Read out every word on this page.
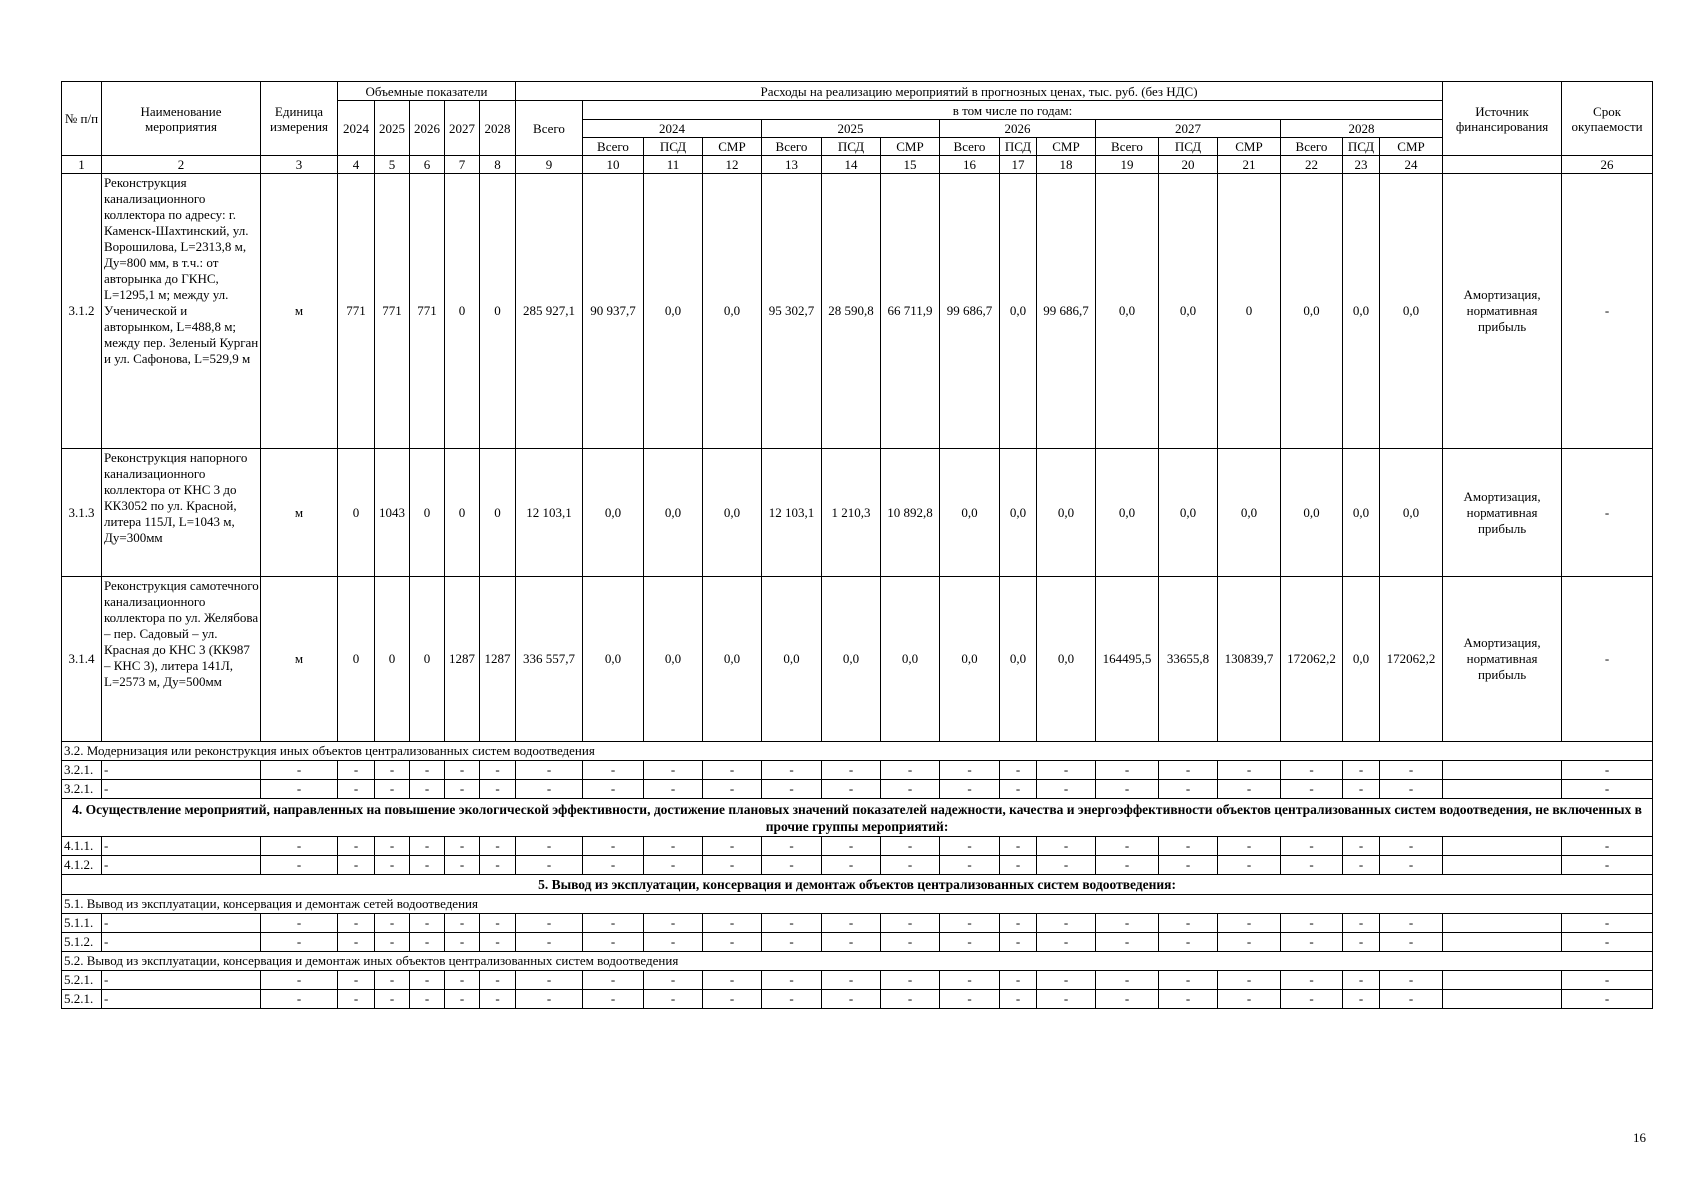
№ п/п	Наименование мероприятия	Единица измерения	Объемные показатели					Расходы на реализацию мероприятий в прогнозных ценах, тыс. руб. (без НДС)																Источник финансирования	Срок окупаемости
			2024	2025	2026	2027	2028	Всего	в том числе по годам:																
									2024			2025			2026			2027			2028				
									Всего	ПСД	СМР	Всего	ПСД	СМР	Всего	ПСД	СМР	Всего	ПСД	СМР	Всего	ПСД	СМР		
1	2	3	4	5	6	7	8	9	10	11	12	13	14	15	16	17	18	19	20	21	22	23	24		26
3.1.2	Реконструкция канализационного коллектора по адресу: г. Каменск-Шахтинский, ул. Ворошилова, L=2313,8 м, Ду=800 мм, в т.ч.: от авторынка до ГКНС, L=1295,1 м; между ул. Ученической и авторынком, L=488,8 м; между пер. Зеленый Курган и ул. Сафонова, L=529,9 м	м	771	771	771	0	0	285 927,1	90 937,7	0,0	0,0	95 302,7	28 590,8	66 711,9	99 686,7	0,0	99 686,7	0,0	0,0	0	0,0	0,0	0,0	Амортизация, нормативная прибыль	-
3.1.3	Реконструкция напорного канализационного коллектора от КНС 3 до КК3052 по ул. Красной, литера 115Л, L=1043 м, Ду=300мм	м	0	1043	0	0	0	12 103,1	0,0	0,0	0,0	12 103,1	1 210,3	10 892,8	0,0	0,0	0,0	0,0	0,0	0,0	0,0	0,0	0,0	Амортизация, нормативная прибыль	-
3.1.4	Реконструкция самотечного канализационного коллектора по ул. Желябова – пер. Садовый – ул. Красная до КНС 3 (КК987 – КНС 3), литера 141Л, L=2573 м, Ду=500мм	м	0	0	0	1287	1287	336 557,7	0,0	0,0	0,0	0,0	0,0	0,0	0,0	0,0	0,0	164495,5	33655,8	130839,7	172062,2	0,0	172062,2	Амортизация, нормативная прибыль	-
3.2. Модернизация или реконструкция иных объектов централизованных систем водоотведения																									
3.2.1.	-	-	-	-	-	-	-	-	-	-	-	-	-	-	-	-	-	-	-	-	-	-	-		-
3.2.1.	-	-	-	-	-	-	-	-	-	-	-	-	-	-	-	-	-	-	-	-	-	-	-		-
4. Осуществление мероприятий, направленных на повышение экологической эффективности, достижение плановых значений показателей надежности, качества и энергоэффективности объектов централизованных систем водоотведения, не включенных в прочие группы мероприятий:																									
4.1.1.	-	-	-	-	-	-	-	-	-	-	-	-	-	-	-	-	-	-	-	-	-	-	-		-
4.1.2.	-	-	-	-	-	-	-	-	-	-	-	-	-	-	-	-	-	-	-	-	-	-	-		-
5. Вывод из эксплуатации, консервация и демонтаж объектов централизованных систем водоотведения:																									
5.1. Вывод из эксплуатации, консервация и демонтаж сетей водоотведения																									
5.1.1.	-	-	-	-	-	-	-	-	-	-	-	-	-	-	-	-	-	-	-	-	-	-	-		-
5.1.2.	-	-	-	-	-	-	-	-	-	-	-	-	-	-	-	-	-	-	-	-	-	-	-		-
5.2. Вывод из эксплуатации, консервация и демонтаж иных объектов централизованных систем водоотведения																									
5.2.1.	-	-	-	-	-	-	-	-	-	-	-	-	-	-	-	-	-	-	-	-	-	-	-		-
5.2.1.	-	-	-	-	-	-	-	-	-	-	-	-	-	-	-	-	-	-	-	-	-	-	-		-
16
